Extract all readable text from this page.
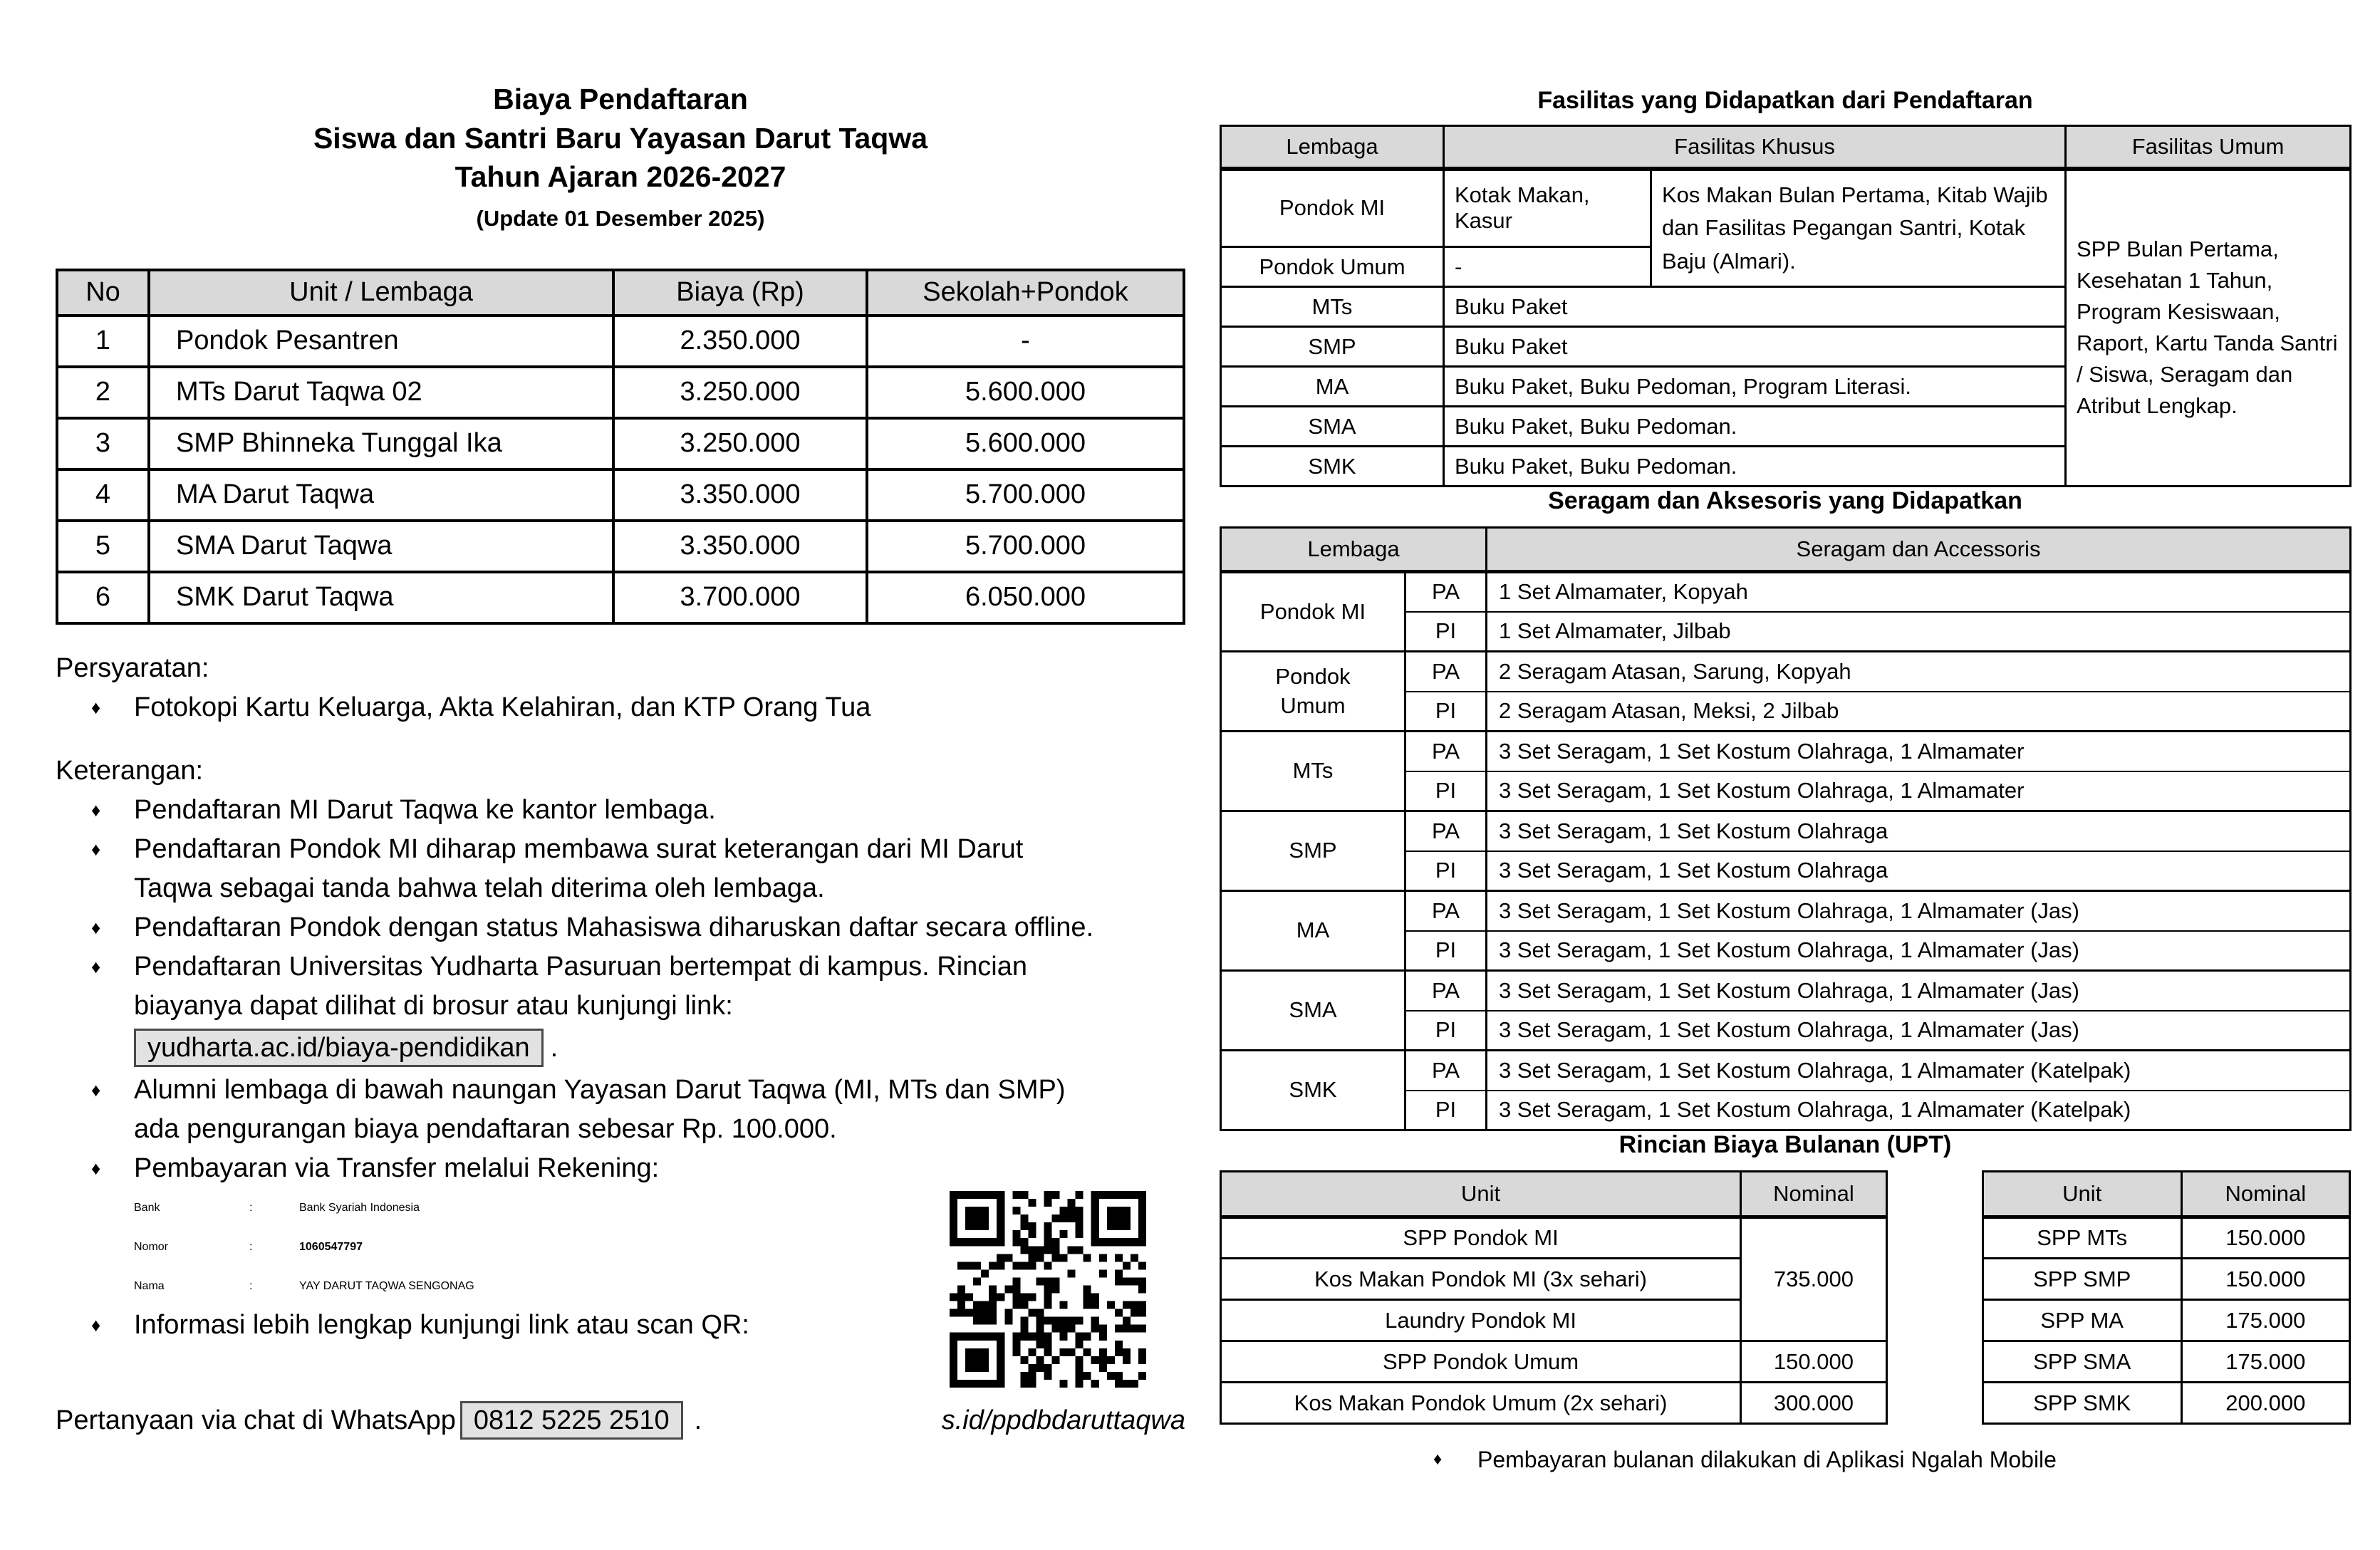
Biaya Pendaftaran
Siswa dan Santri Baru Yayasan Darut Taqwa
Tahun Ajaran 2026-2027
(Update 01 Desember 2025)
No	Unit / Lembaga	Biaya (Rp)	Sekolah+Pondok
1	Pondok Pesantren	2.350.000	-
2	MTs Darut Taqwa 02	3.250.000	5.600.000
3	SMP Bhinneka Tunggal Ika	3.250.000	5.600.000
4	MA Darut Taqwa	3.350.000	5.700.000
5	SMA Darut Taqwa	3.350.000	5.700.000
6	SMK Darut Taqwa	3.700.000	6.050.000
Persyaratan:
♦ Fotokopi Kartu Keluarga, Akta Kelahiran, dan KTP Orang Tua
Keterangan:
♦ Pendaftaran MI Darut Taqwa ke kantor lembaga.
♦ Pendaftaran Pondok MI diharap membawa surat keterangan dari MI Darut Taqwa sebagai tanda bahwa telah diterima oleh lembaga.
♦ Pendaftaran Pondok dengan status Mahasiswa diharuskan daftar secara offline.
♦ Pendaftaran Universitas Yudharta Pasuruan bertempat di kampus. Rincian biayanya dapat dilihat di brosur atau kunjungi link:
yudharta.ac.id/biaya-pendidikan .
♦ Alumni lembaga di bawah naungan Yayasan Darut Taqwa (MI, MTs dan SMP) ada pengurangan biaya pendaftaran sebesar Rp. 100.000.
♦ Pembayaran via Transfer melalui Rekening:
Bank	:	Bank Syariah Indonesia
Nomor	:	1060547797
Nama	:	YAY DARUT TAQWA SENGONAG
♦ Informasi lebih lengkap kunjungi link atau scan QR:
Pertanyaan via chat di WhatsApp 0812 5225 2510 .	s.id/ppdbdaruttaqwa
Fasilitas yang Didapatkan dari Pendaftaran
Lembaga	Fasilitas Khusus		Fasilitas Umum
Pondok MI	Kotak Makan, Kasur	Kos Makan Bulan Pertama, Kitab Wajib dan Fasilitas Pegangan Santri, Kotak Baju (Almari).	SPP Bulan Pertama, Kesehatan 1 Tahun, Program Kesiswaan, Raport, Kartu Tanda Santri / Siswa, Seragam dan Atribut Lengkap.
Pondok Umum	-		
MTs	Buku Paket		
SMP	Buku Paket		
MA	Buku Paket, Buku Pedoman, Program Literasi.		
SMA	Buku Paket, Buku Pedoman.		
SMK	Buku Paket, Buku Pedoman.		
Seragam dan Aksesoris yang Didapatkan
Lembaga		Seragam dan Accessoris
Pondok MI	PA	1 Set Almamater, Kopyah
	PI	1 Set Almamater, Jilbab
Pondok Umum	PA	2 Seragam Atasan, Sarung, Kopyah
	PI	2 Seragam Atasan, Meksi, 2 Jilbab
MTs	PA	3 Set Seragam, 1 Set Kostum Olahraga, 1 Almamater
	PI	3 Set Seragam, 1 Set Kostum Olahraga, 1 Almamater
SMP	PA	3 Set Seragam, 1 Set Kostum Olahraga
	PI	3 Set Seragam, 1 Set Kostum Olahraga
MA	PA	3 Set Seragam, 1 Set Kostum Olahraga, 1 Almamater (Jas)
	PI	3 Set Seragam, 1 Set Kostum Olahraga, 1 Almamater (Jas)
SMA	PA	3 Set Seragam, 1 Set Kostum Olahraga, 1 Almamater (Jas)
	PI	3 Set Seragam, 1 Set Kostum Olahraga, 1 Almamater (Jas)
SMK	PA	3 Set Seragam, 1 Set Kostum Olahraga, 1 Almamater (Katelpak)
	PI	3 Set Seragam, 1 Set Kostum Olahraga, 1 Almamater (Katelpak)
Rincian Biaya Bulanan (UPT)
Unit	Nominal
SPP Pondok MI	735.000
Kos Makan Pondok MI (3x sehari)	
Laundry Pondok MI	
SPP Pondok Umum	150.000
Kos Makan Pondok Umum (2x sehari)	300.000
Unit	Nominal
SPP MTs	150.000
SPP SMP	150.000
SPP MA	175.000
SPP SMA	175.000
SPP SMK	200.000
♦ Pembayaran bulanan dilakukan di Aplikasi Ngalah Mobile
